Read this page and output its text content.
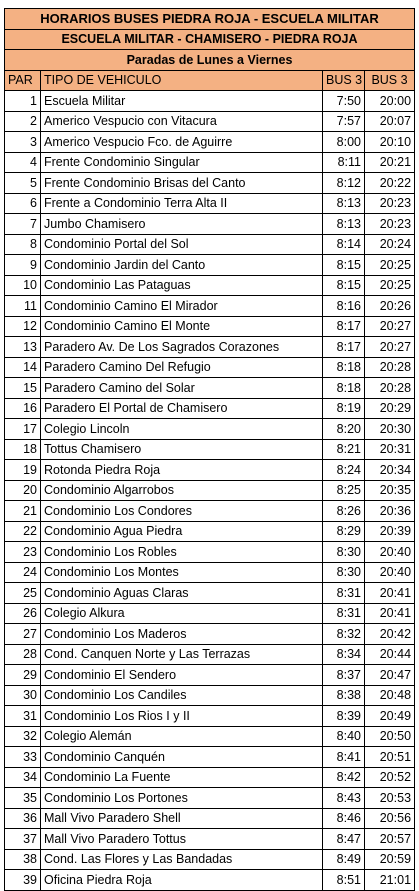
HORARIOS BUSES PIEDRA ROJA - ESCUELA MILITAR			
ESCUELA MILITAR - CHAMISERO - PIEDRA ROJA			
Paradas de Lunes a Viernes			
PAR	TIPO DE VEHICULO	BUS 3	BUS 3
1	Escuela Militar	7:50	20:00
2	Americo Vespucio con Vitacura	7:57	20:07
3	Americo Vespucio Fco. de Aguirre	8:00	20:10
4	Frente Condominio Singular	8:11	20:21
5	Frente Condominio Brisas del Canto	8:12	20:22
6	Frente a Condominio Terra Alta II	8:13	20:23
7	Jumbo Chamisero	8:13	20:23
8	Condominio Portal del Sol	8:14	20:24
9	Condominio Jardin del Canto	8:15	20:25
10	Condominio Las Pataguas	8:15	20:25
11	Condominio Camino El Mirador	8:16	20:26
12	Condominio Camino El Monte	8:17	20:27
13	Paradero Av. De Los Sagrados Corazones	8:17	20:27
14	Paradero Camino Del Refugio	8:18	20:28
15	Paradero Camino del Solar	8:18	20:28
16	Paradero El Portal de Chamisero	8:19	20:29
17	Colegio Lincoln	8:20	20:30
18	Tottus Chamisero	8:21	20:31
19	Rotonda Piedra Roja	8:24	20:34
20	Condominio Algarrobos	8:25	20:35
21	Condominio Los Condores	8:26	20:36
22	Condominio Agua Piedra	8:29	20:39
23	Condominio Los Robles	8:30	20:40
24	Condominio Los Montes	8:30	20:40
25	Condominio Aguas Claras	8:31	20:41
26	Colegio Alkura	8:31	20:41
27	Condominio Los Maderos	8:32	20:42
28	Cond. Canquen Norte y Las Terrazas	8:34	20:44
29	Condominio El Sendero	8:37	20:47
30	Condominio Los Candiles	8:38	20:48
31	Condominio Los Rios I y II	8:39	20:49
32	Colegio Alemán	8:40	20:50
33	Condominio Canquén	8:41	20:51
34	Condominio La Fuente	8:42	20:52
35	Condominio Los Portones	8:43	20:53
36	Mall Vivo Paradero Shell	8:46	20:56
37	Mall Vivo Paradero Tottus	8:47	20:57
38	Cond. Las Flores y Las Bandadas	8:49	20:59
39	Oficina Piedra Roja	8:51	21:01
